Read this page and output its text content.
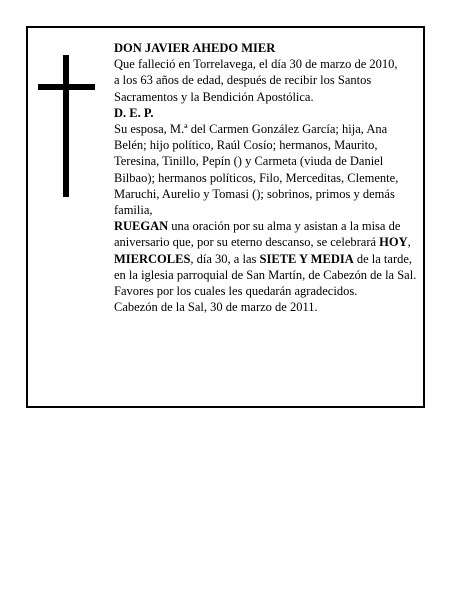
DON JAVIER AHEDO MIER

Que falleció en Torrelavega, el día 30 de marzo de 2010,

a los 63 años de edad, después de recibir los Santos Sacramentos y la Bendición Apostólica.

D. E. P.

Su esposa, M.ª del Carmen González García; hija, Ana Belén; hijo político, Raúl Cosío; hermanos, Maurito, Teresina, Tinillo, Pepín () y Carmeta (viuda de Daniel Bilbao); hermanos políticos, Filo, Merceditas, Clemente, Maruchi, Aurelio y Tomasi (); sobrinos, primos y demás familia,

RUEGAN una oración por su alma y asistan a la misa de aniversario que, por su eterno descanso, se celebrará HOY, MIERCOLES, día 30, a las SIETE Y MEDIA de la tarde, en la iglesia parroquial de San Martín, de Cabezón de la Sal. Favores por los cuales les quedarán agradecidos.

Cabezón de la Sal, 30 de marzo de 2011.
